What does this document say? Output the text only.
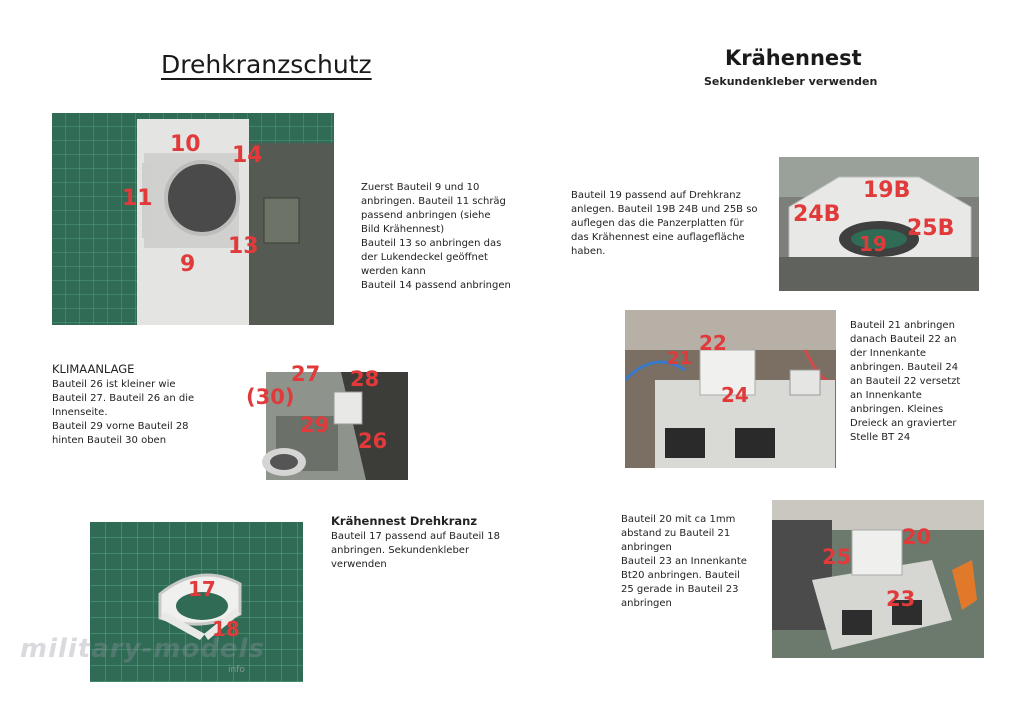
Drehkranzschutz
10 14
11
13
9
Zuerst Bauteil 9 und 10
anbringen. Bauteil 11 schräg
passend anbringen (siehe
Bild Krähennest)
Bauteil 13 so anbringen das
der Lukendeckel geöffnet
werden kann
Bauteil 14 passend anbringen
KLIMAANLAGE
Bauteil 26 ist kleiner wie
Bauteil 27. Bauteil 26 an die
Innenseite.
Bauteil 29 vorne Bauteil 28
hinten Bauteil 30 oben
27 28
(30)
29
26
17
18
Krähennest Drehkranz
Bauteil 17 passend auf Bauteil 18
anbringen. Sekundenkleber
verwenden
military-models
info
Krähennest
Sekundenkleber verwenden
Bauteil 19 passend auf Drehkranz
anlegen. Bauteil 19B 24B und 25B so
auflegen das die Panzerplatten für
das Krähennest eine auflagefläche
haben.
19B
24B
25B
19
22
21
24
Bauteil 21 anbringen
danach Bauteil 22 an
der Innenkante
anbringen. Bauteil 24
an Bauteil 22 versetzt
an Innenkante
anbringen. Kleines
Dreieck an gravierter
Stelle BT 24
Bauteil 20 mit ca 1mm
abstand zu Bauteil 21
anbringen
Bauteil 23 an Innenkante
Bt20 anbringen. Bauteil
25 gerade in Bauteil 23
anbringen
20
25
23
